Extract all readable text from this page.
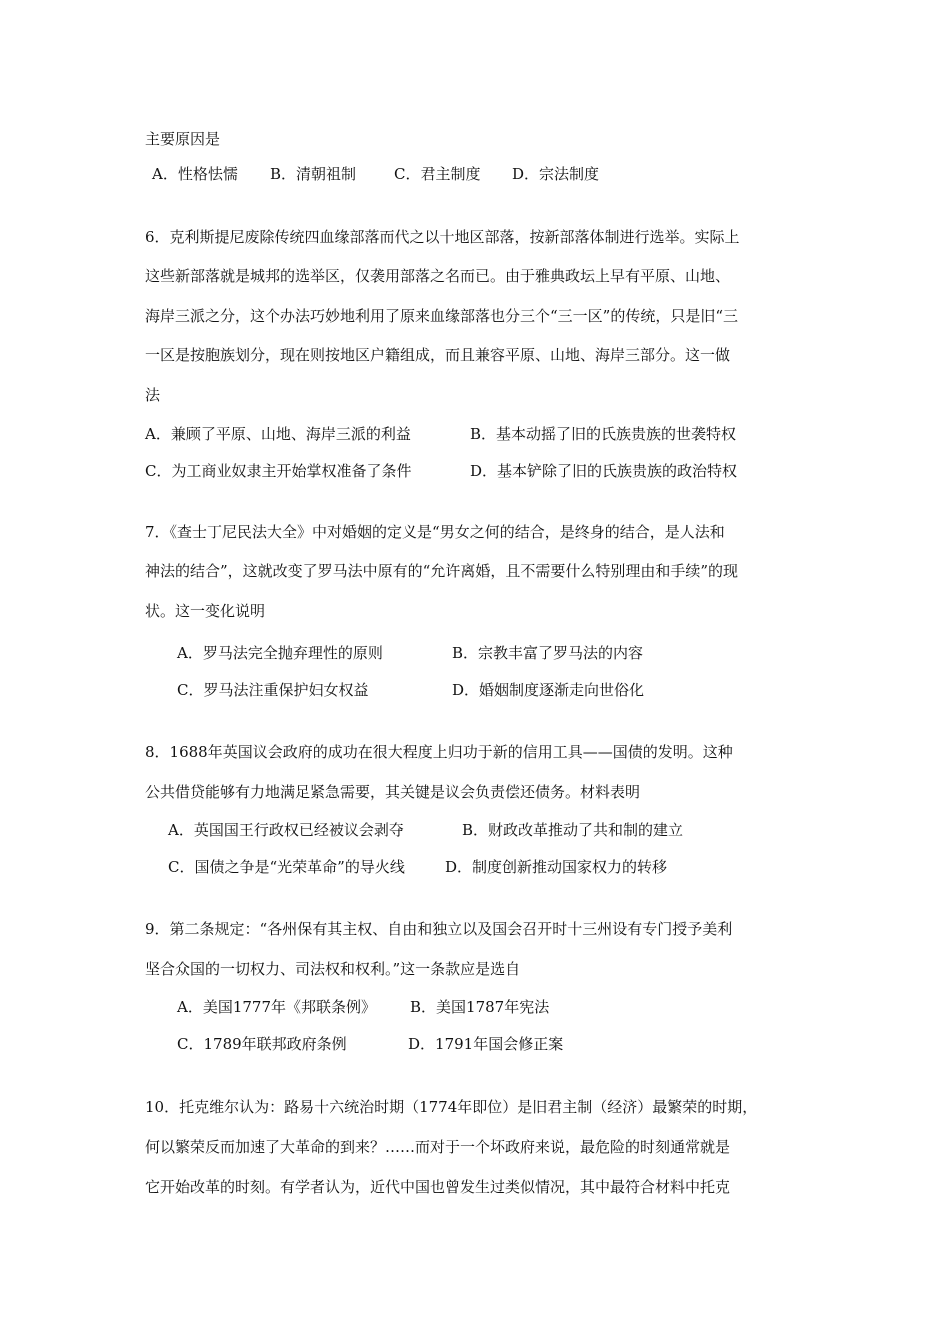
主要原因是
A．性格怯懦 B．清朝祖制	C．君主制度 D．宗法制度
6．克利斯提尼废除传统四血缘部落而代之以十地区部落，按新部落体制进行选举。实际上
这些新部落就是城邦的选举区，仅袭用部落之名而已。由于雅典政坛上早有平原、山地、
海岸三派之分，这个办法巧妙地利用了原来血缘部落也分三个“三一区”的传统，只是旧“三
一区是按胞族划分，现在则按地区户籍组成，而且兼容平原、山地、海岸三部分。这一做
法
A．兼顾了平原、山地、海岸三派的利益	B．基本动摇了旧的氏族贵族的世袭特权
C．为工商业奴隶主开始掌权准备了条件	D．基本铲除了旧的氏族贵族的政治特权
7．《查士丁尼民法大全》中对婚姻的定义是“男女之何的结合，是终身的结合，是人法和
神法的结合”，这就改变了罗马法中原有的“允许离婚，且不需要什么特别理由和手续”的现
状。这一变化说明
A．罗马法完全抛弃理性的原则	B．宗教丰富了罗马法的内容
C．罗马法注重保护妇女权益	D．婚姻制度逐渐走向世俗化
8．1688年英国议会政府的成功在很大程度上归功于新的信用工具——国债的发明。这种
公共借贷能够有力地满足紧急需要，其关键是议会负责偿还债务。材料表明
A．英国国王行政权已经被议会剥夺	B．财政改革推动了共和制的建立
C．国债之争是“光荣革命”的导火线	D．制度创新推动国家权力的转移
9．第二条规定：“各州保有其主权、自由和独立以及国会召开时十三州设有专门授予美利
坚合众国的一切权力、司法权和权利。”这一条款应是选自
A．美国1777年《邦联条例》 B．美国1787年宪法
C．1789年联邦政府条例	D．1791年国会修正案
10．托克维尔认为：路易十六统治时期（1774年即位）是旧君主制（经济）最繁荣的时期，
何以繁荣反而加速了大革命的到来？……而对于一个坏政府来说，最危险的时刻通常就是
它开始改革的时刻。有学者认为，近代中国也曾发生过类似情况，其中最符合材料中托克
